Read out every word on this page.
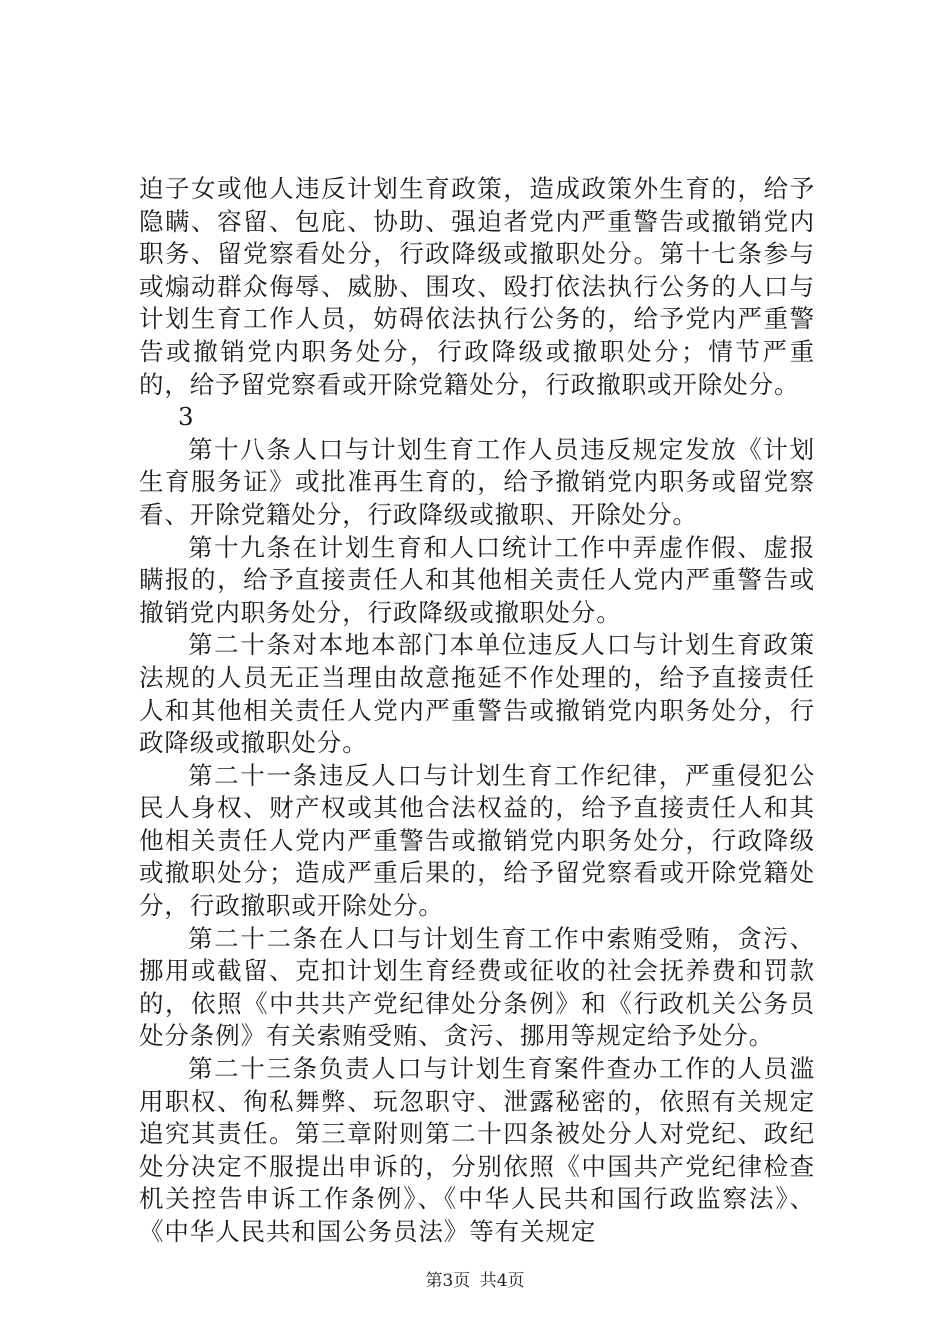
迫子女或他人违反计划生育政策，造成政策外生育的，给予隐瞒、容留、包庇、协助、强迫者党内严重警告或撤销党内职务、留党察看处分，行政降级或撤职处分。第十七条参与或煽动群众侮辱、威胁、围攻、殴打依法执行公务的人口与计划生育工作人员，妨碍依法执行公务的，给予党内严重警告或撤销党内职务处分，行政降级或撤职处分；情节严重的，给予留党察看或开除党籍处分，行政撤职或开除处分。

3

第十八条人口与计划生育工作人员违反规定发放《计划生育服务证》或批准再生育的，给予撤销党内职务或留党察看、开除党籍处分，行政降级或撤职、开除处分。

第十九条在计划生育和人口统计工作中弄虚作假、虚报瞒报的，给予直接责任人和其他相关责任人党内严重警告或撤销党内职务处分，行政降级或撤职处分。

第二十条对本地本部门本单位违反人口与计划生育政策法规的人员无正当理由故意拖延不作处理的，给予直接责任人和其他相关责任人党内严重警告或撤销党内职务处分，行政降级或撤职处分。

第二十一条违反人口与计划生育工作纪律，严重侵犯公民人身权、财产权或其他合法权益的，给予直接责任人和其他相关责任人党内严重警告或撤销党内职务处分，行政降级或撤职处分；造成严重后果的，给予留党察看或开除党籍处分，行政撤职或开除处分。

第二十二条在人口与计划生育工作中索贿受贿，贪污、挪用或截留、克扣计划生育经费或征收的社会抚养费和罚款的，依照《中共共产党纪律处分条例》和《行政机关公务员处分条例》有关索贿受贿、贪污、挪用等规定给予处分。

第二十三条负责人口与计划生育案件查办工作的人员滥用职权、徇私舞弊、玩忽职守、泄露秘密的，依照有关规定追究其责任。第三章附则第二十四条被处分人对党纪、政纪处分决定不服提出申诉的，分别依照《中国共产党纪律检查机关控告申诉工作条例》、《中华人民共和国行政监察法》、《中华人民共和国公务员法》等有关规定

第3页 共4页
